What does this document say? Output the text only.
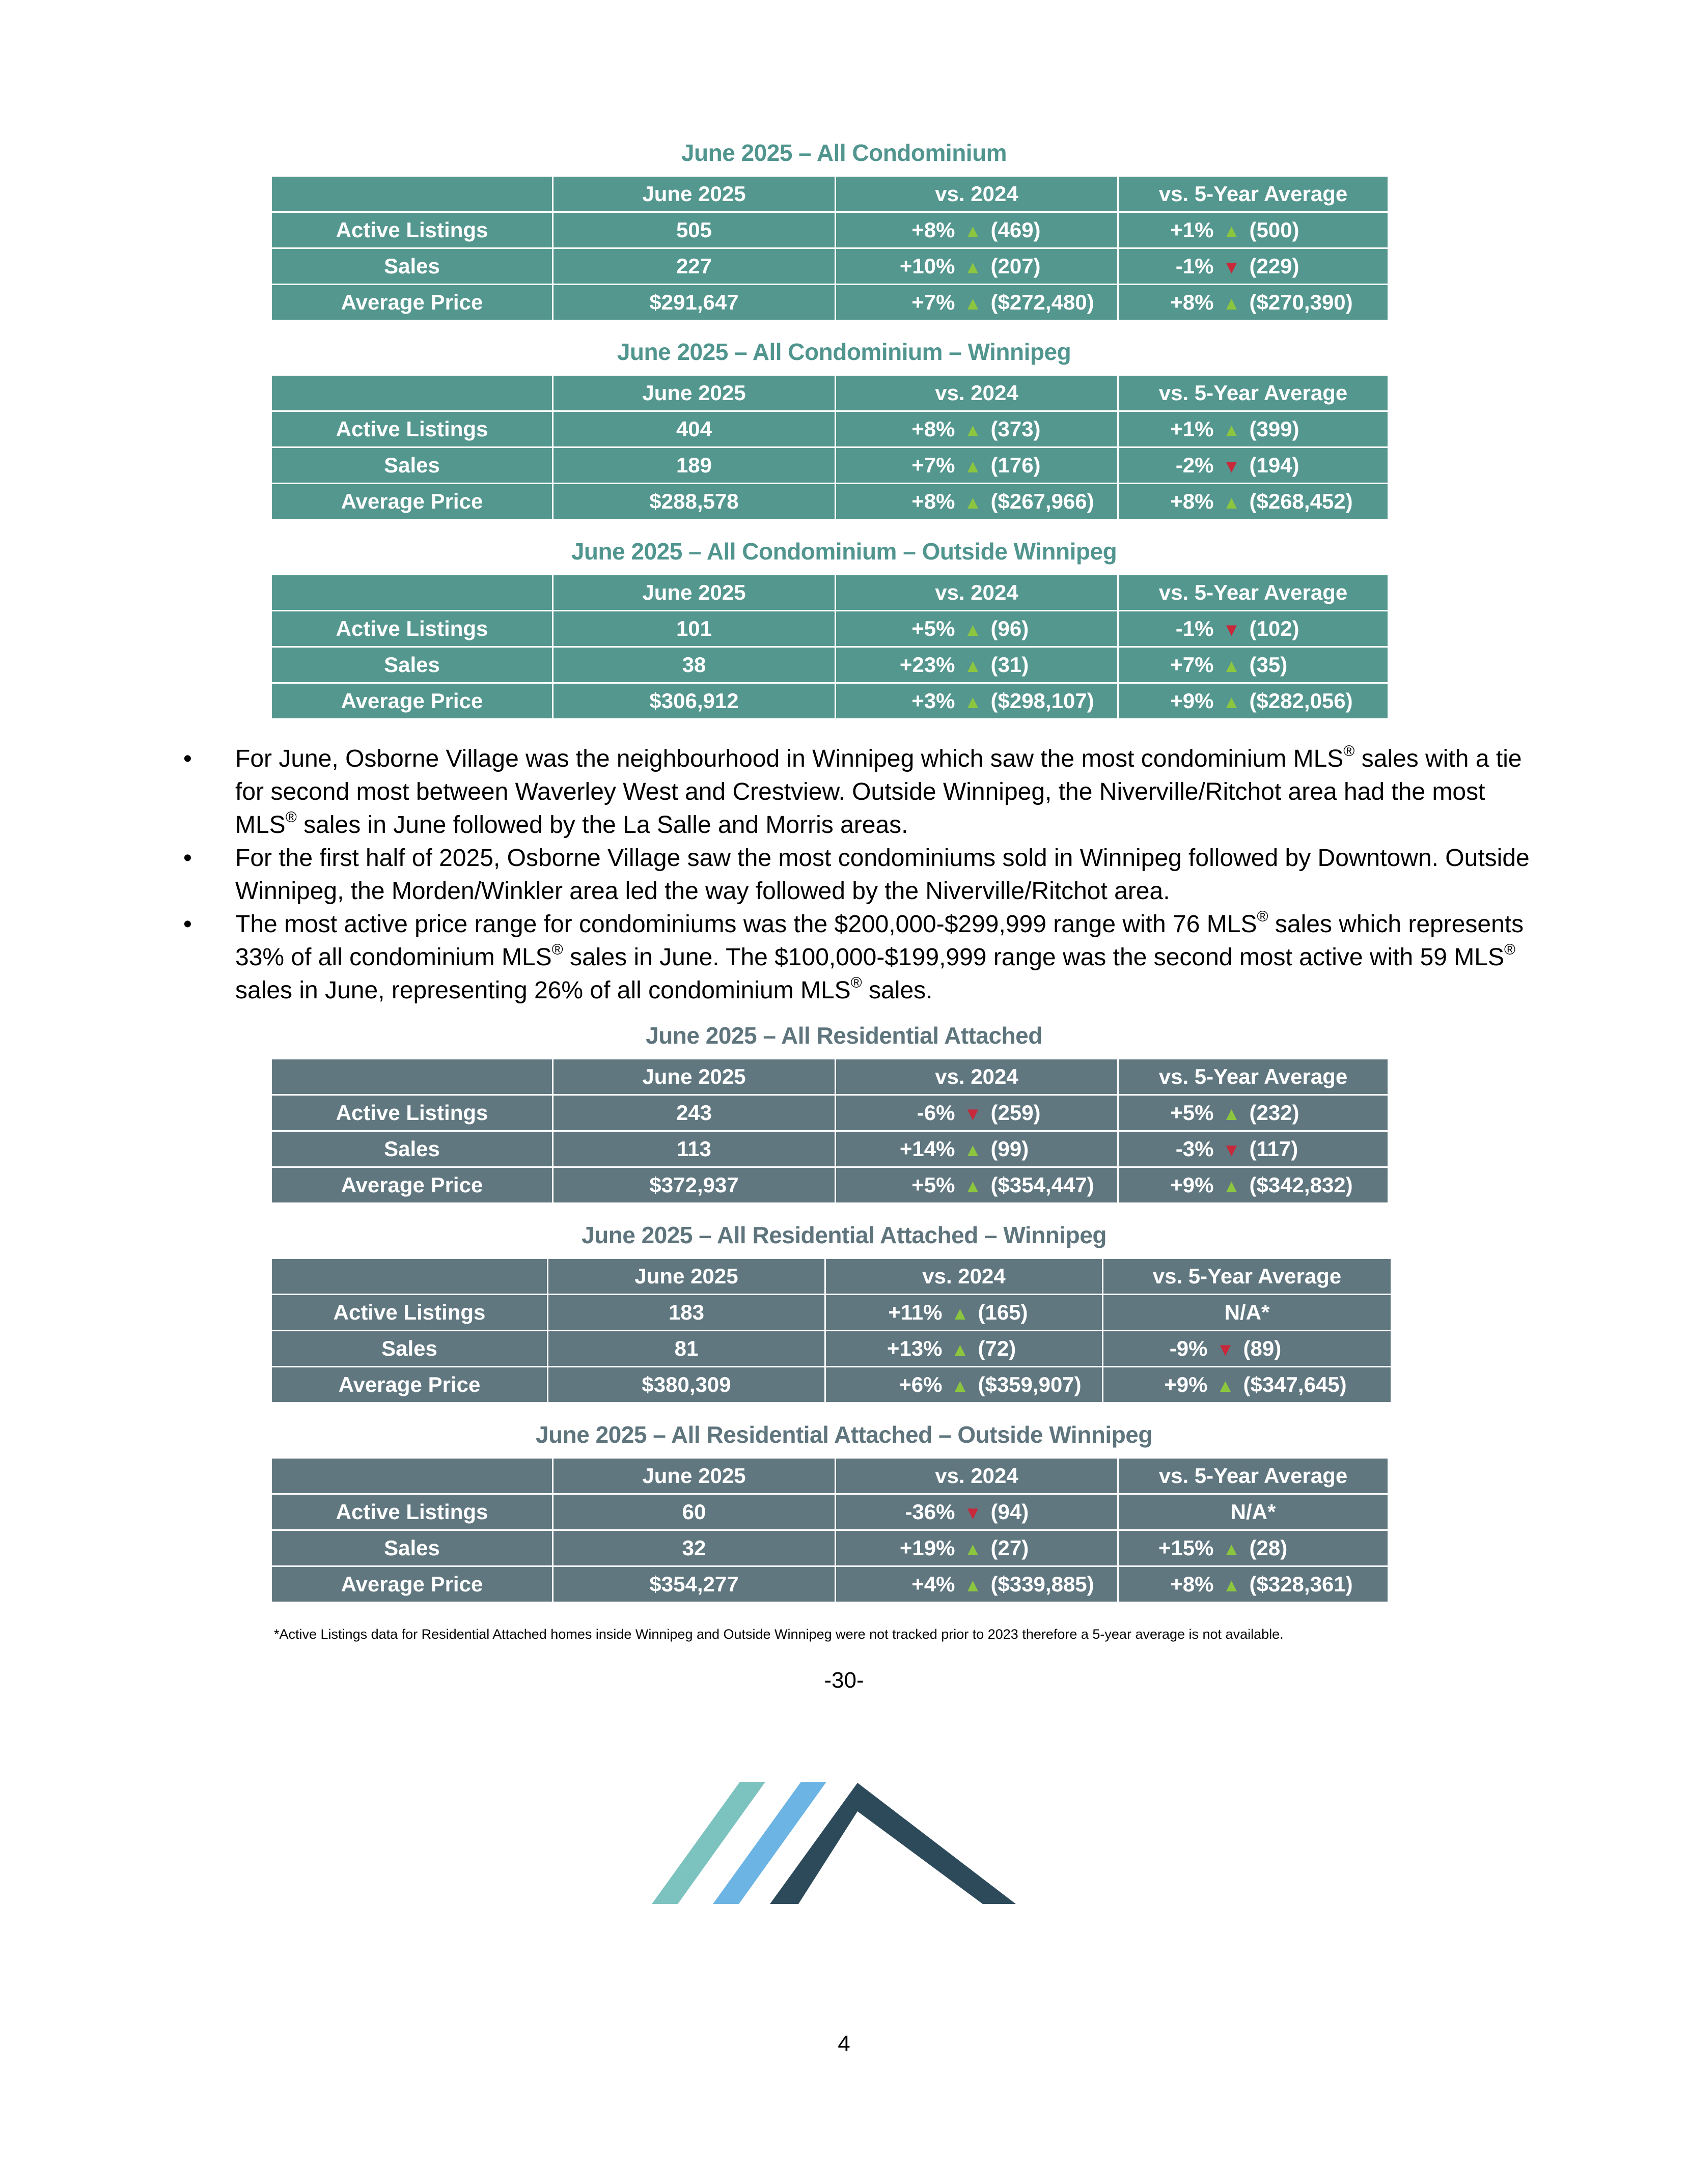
June 2025 – All Condominium
	June 2025	vs. 2024	vs. 5-Year Average
Active Listings	505	+8% ▲ (469)	+1% ▲ (500)
Sales	227	+10% ▲ (207)	-1% ▼ (229)
Average Price	$291,647	+7% ▲ ($272,480)	+8% ▲ ($270,390)
June 2025 – All Condominium – Winnipeg
	June 2025	vs. 2024	vs. 5-Year Average
Active Listings	404	+8% ▲ (373)	+1% ▲ (399)
Sales	189	+7% ▲ (176)	-2% ▼ (194)
Average Price	$288,578	+8% ▲ ($267,966)	+8% ▲ ($268,452)
June 2025 – All Condominium – Outside Winnipeg
	June 2025	vs. 2024	vs. 5-Year Average
Active Listings	101	+5% ▲ (96)	-1% ▼ (102)
Sales	38	+23% ▲ (31)	+7% ▲ (35)
Average Price	$306,912	+3% ▲ ($298,107)	+9% ▲ ($282,056)
•	For June, Osborne Village was the neighbourhood in Winnipeg which saw the most condominium MLS® sales with a tie for second most between Waverley West and Crestview. Outside Winnipeg, the Niverville/Ritchot area had the most MLS® sales in June followed by the La Salle and Morris areas.
•	For the first half of 2025, Osborne Village saw the most condominiums sold in Winnipeg followed by Downtown. Outside Winnipeg, the Morden/Winkler area led the way followed by the Niverville/Ritchot area.
•	The most active price range for condominiums was the $200,000-$299,999 range with 76 MLS® sales which represents 33% of all condominium MLS® sales in June. The $100,000-$199,999 range was the second most active with 59 MLS® sales in June, representing 26% of all condominium MLS® sales.
June 2025 – All Residential Attached
	June 2025	vs. 2024	vs. 5-Year Average
Active Listings	243	-6% ▼ (259)	+5% ▲ (232)
Sales	113	+14% ▲ (99)	-3% ▼ (117)
Average Price	$372,937	+5% ▲ ($354,447)	+9% ▲ ($342,832)
June 2025 – All Residential Attached – Winnipeg
	June 2025	vs. 2024	vs. 5-Year Average
Active Listings	183	+11% ▲ (165)	N/A*
Sales	81	+13% ▲ (72)	-9% ▼ (89)
Average Price	$380,309	+6% ▲ ($359,907)	+9% ▲ ($347,645)
June 2025 – All Residential Attached – Outside Winnipeg
	June 2025	vs. 2024	vs. 5-Year Average
Active Listings	60	-36% ▼ (94)	N/A*
Sales	32	+19% ▲ (27)	+15% ▲ (28)
Average Price	$354,277	+4% ▲ ($339,885)	+8% ▲ ($328,361)
*Active Listings data for Residential Attached homes inside Winnipeg and Outside Winnipeg were not tracked prior to 2023 therefore a 5-year average is not available.
-30-
4
